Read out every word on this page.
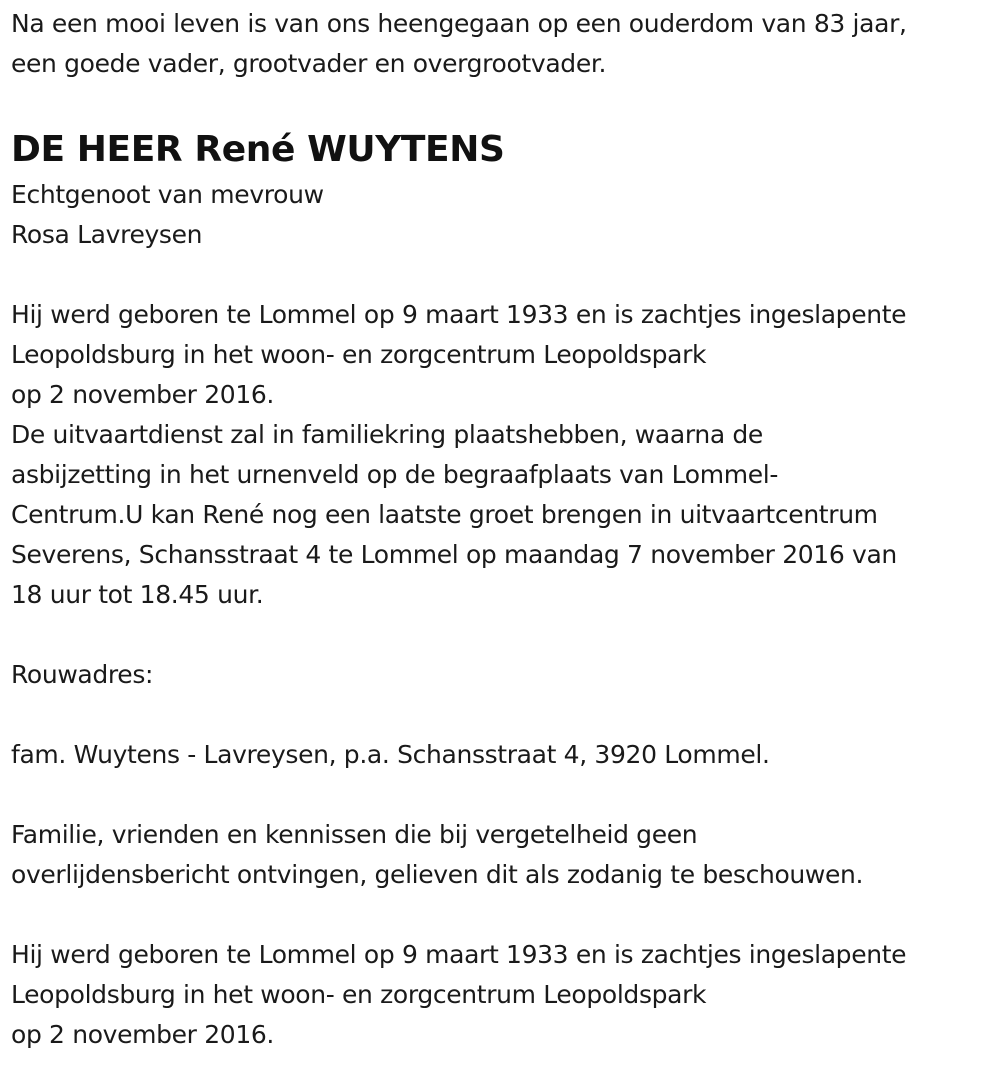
Na een mooi leven is van ons heengegaan op een ouderdom van 83 jaar,
een goede vader, grootvader en overgrootvader.
DE HEER René WUYTENS
Echtgenoot van mevrouw
Rosa Lavreysen
Hij werd geboren te Lommel op 9 maart 1933 en is zachtjes ingeslapente
Leopoldsburg in het woon- en zorgcentrum Leopoldspark
op 2 november 2016.
De uitvaartdienst zal in familiekring plaatshebben, waarna de
asbijzetting in het urnenveld op de begraafplaats van Lommel-
Centrum.U kan René nog een laatste groet brengen in uitvaartcentrum
Severens, Schansstraat 4 te Lommel op maandag 7 november 2016 van
18 uur tot 18.45 uur.
Rouwadres:
fam. Wuytens - Lavreysen, p.a. Schansstraat 4, 3920 Lommel.
Familie, vrienden en kennissen die bij vergetelheid geen
overlijdensbericht ontvingen, gelieven dit als zodanig te beschouwen.
Hij werd geboren te Lommel op 9 maart 1933 en is zachtjes ingeslapente
Leopoldsburg in het woon- en zorgcentrum Leopoldspark
op 2 november 2016.
